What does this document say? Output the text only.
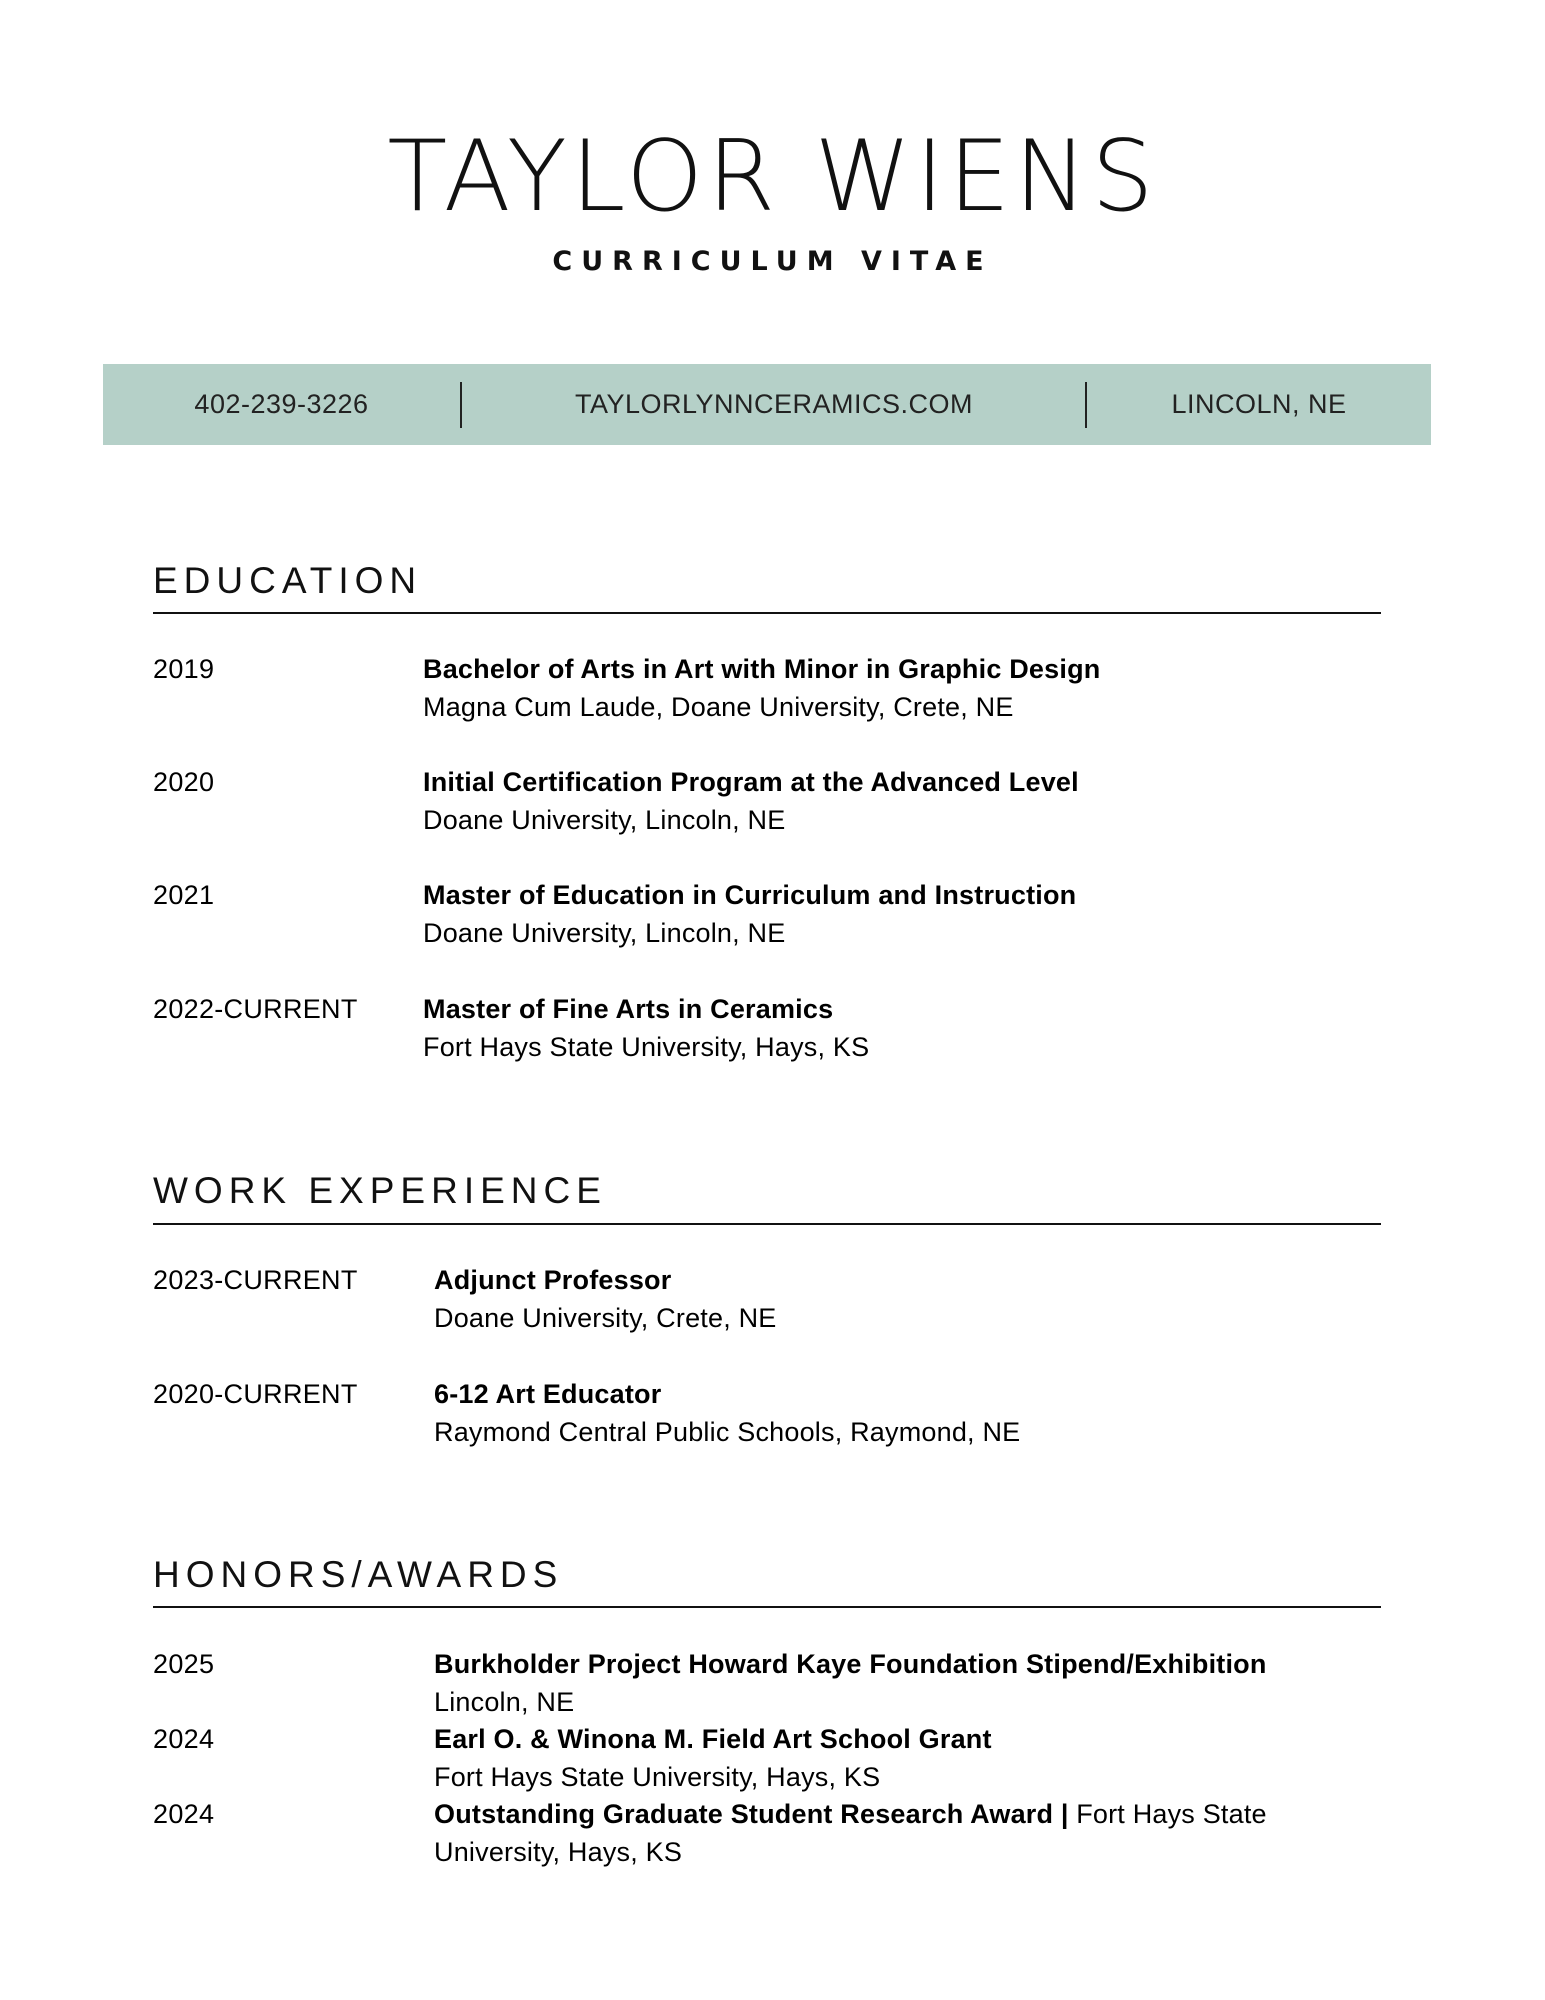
TAYLOR WIENS
CURRICULUM VITAE
402-239-3226	TAYLORLYNNCERAMICS.COM	LINCOLN, NE
EDUCATION
2019	Bachelor of Arts in Art with Minor in Graphic Design
Magna Cum Laude, Doane University, Crete, NE
2020	Initial Certification Program at the Advanced Level
Doane University, Lincoln, NE
2021	Master of Education in Curriculum and Instruction
Doane University, Lincoln, NE
2022-CURRENT Master of Fine Arts in Ceramics
Fort Hays State University, Hays, KS
WORK EXPERIENCE
2023-CURRENT	Adjunct Professor
Doane University, Crete, NE
2020-CURRENT	6-12 Art Educator
Raymond Central Public Schools, Raymond, NE
HONORS/AWARDS
2025	Burkholder Project Howard Kaye Foundation Stipend/Exhibition
Lincoln, NE
2024	Earl O. & Winona M. Field Art School Grant
Fort Hays State University, Hays, KS
2024	Outstanding Graduate Student Research Award | Fort Hays State University, Hays, KS
